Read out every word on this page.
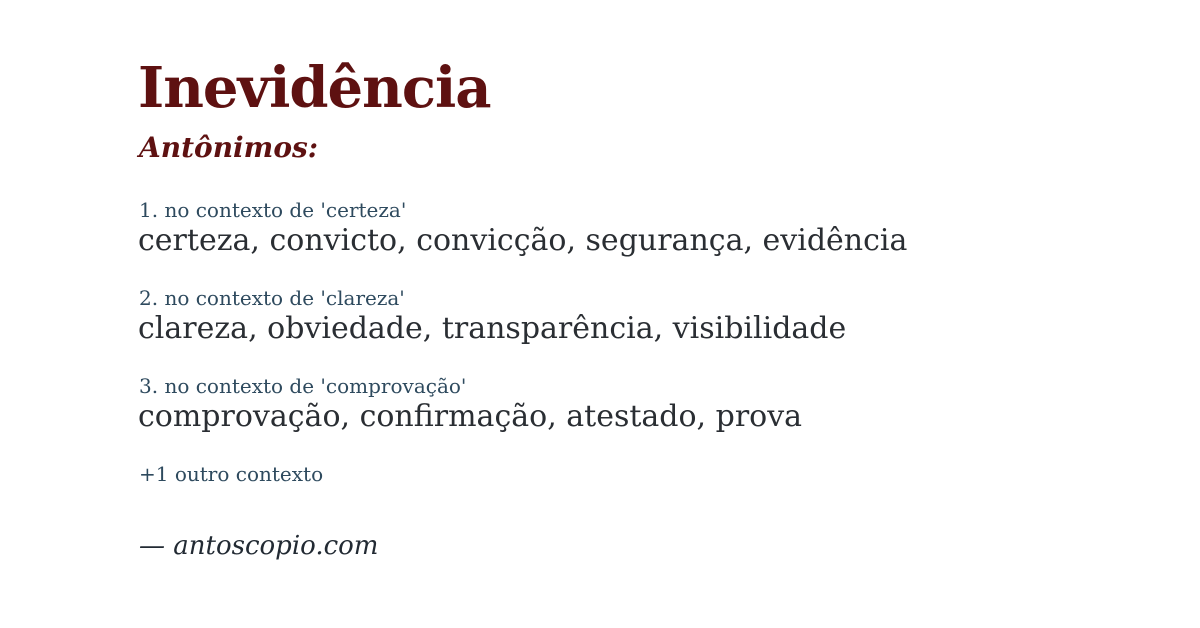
Inevidência
Antônimos:
1. no contexto de 'certeza'
certeza, convicto, convicção, segurança, evidência
2. no contexto de 'clareza'
clareza, obviedade, transparência, visibilidade
3. no contexto de 'comprovação'
comprovação, confirmação, atestado, prova
+1 outro contexto
— antoscopio.com
